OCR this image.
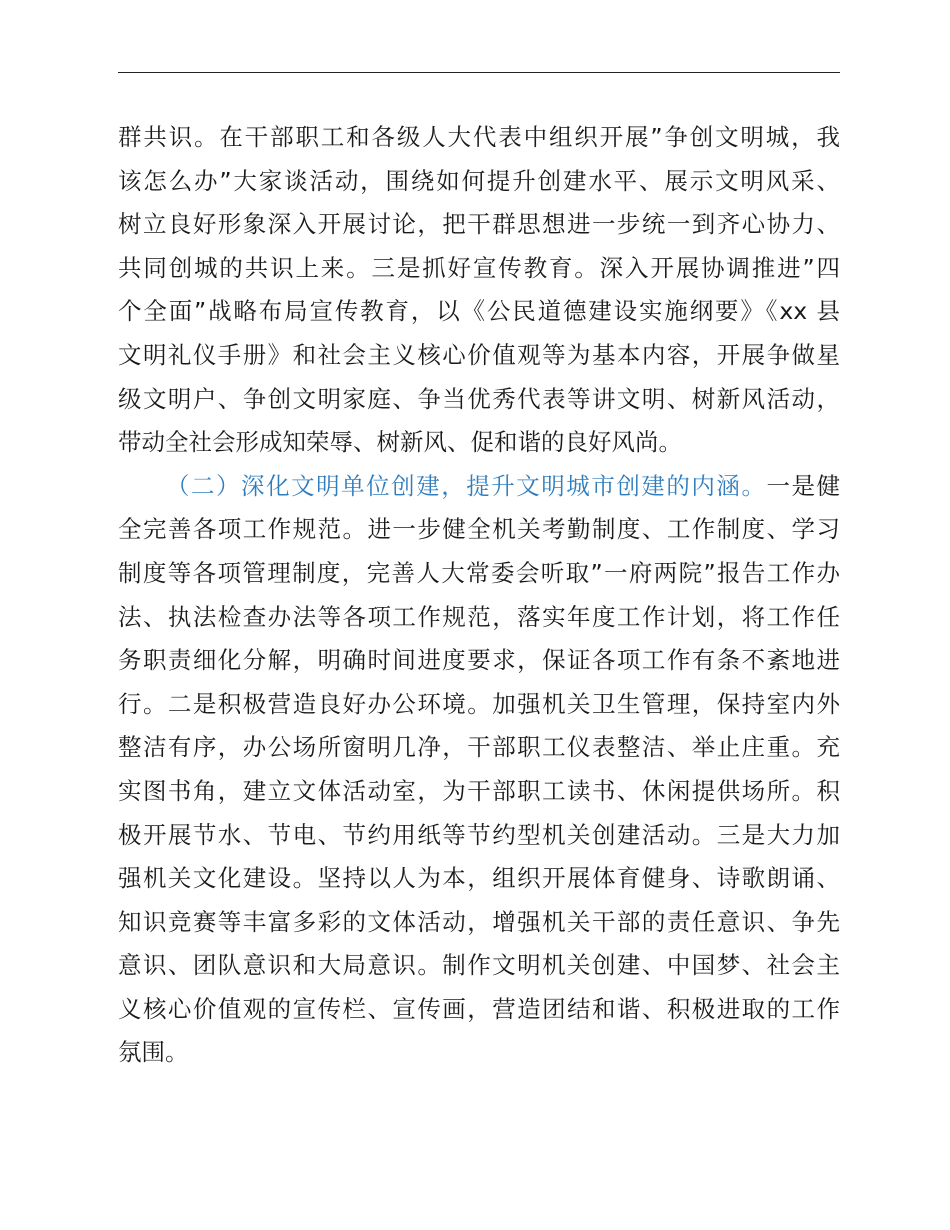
群共识。在干部职工和各级人大代表中组织开展”争创文明城，我
该怎么办”大家谈活动，围绕如何提升创建水平、展示文明风采、
树立良好形象深入开展讨论，把干群思想进一步统一到齐心协力、
共同创城的共识上来。三是抓好宣传教育。深入开展协调推进”四
个全面”战略布局宣传教育，以《公民道德建设实施纲要》《xx 县
文明礼仪手册》和社会主义核心价值观等为基本内容，开展争做星
级文明户、争创文明家庭、争当优秀代表等讲文明、树新风活动，
带动全社会形成知荣辱、树新风、促和谐的良好风尚。
（二）深化文明单位创建，提升文明城市创建的内涵。一是健
全完善各项工作规范。进一步健全机关考勤制度、工作制度、学习
制度等各项管理制度，完善人大常委会听取”一府两院”报告工作办
法、执法检查办法等各项工作规范，落实年度工作计划，将工作任
务职责细化分解，明确时间进度要求，保证各项工作有条不紊地进
行。二是积极营造良好办公环境。加强机关卫生管理，保持室内外
整洁有序，办公场所窗明几净，干部职工仪表整洁、举止庄重。充
实图书角，建立文体活动室，为干部职工读书、休闲提供场所。积
极开展节水、节电、节约用纸等节约型机关创建活动。三是大力加
强机关文化建设。坚持以人为本，组织开展体育健身、诗歌朗诵、
知识竞赛等丰富多彩的文体活动，增强机关干部的责任意识、争先
意识、团队意识和大局意识。制作文明机关创建、中国梦、社会主
义核心价值观的宣传栏、宣传画，营造团结和谐、积极进取的工作
氛围。
